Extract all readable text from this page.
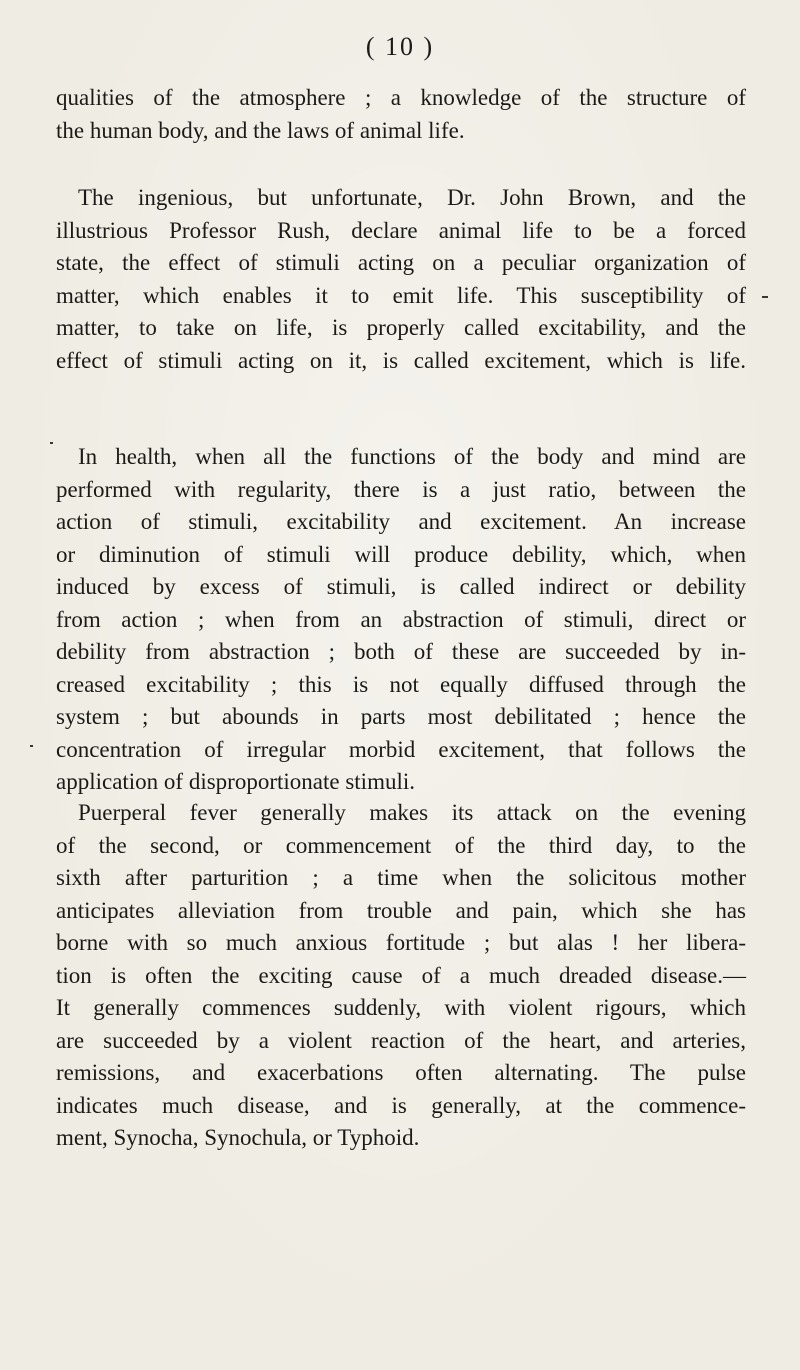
( 10 )
qualities of the atmosphere ; a knowledge of the structure of
the human body, and the laws of animal life.
The ingenious, but unfortunate, Dr. John Brown, and the
illustrious Professor Rush, declare animal life to be a forced
state, the effect of stimuli acting on a peculiar organization of
matter, which enables it to emit life. This susceptibility of
matter, to take on life, is properly called excitability, and the
effect of stimuli acting on it, is called excitement, which is life.
In health, when all the functions of the body and mind are
performed with regularity, there is a just ratio, between the
action of stimuli, excitability and excitement. An increase
or diminution of stimuli will produce debility, which, when
induced by excess of stimuli, is called indirect or debility
from action ; when from an abstraction of stimuli, direct or
debility from abstraction ; both of these are succeeded by in-
creased excitability ; this is not equally diffused through the
system ; but abounds in parts most debilitated ; hence the
concentration of irregular morbid excitement, that follows the
application of disproportionate stimuli.
Puerperal fever generally makes its attack on the evening
of the second, or commencement of the third day, to the
sixth after parturition ; a time when the solicitous mother
anticipates alleviation from trouble and pain, which she has
borne with so much anxious fortitude ; but alas ! her libera-
tion is often the exciting cause of a much dreaded disease.—
It generally commences suddenly, with violent rigours, which
are succeeded by a violent reaction of the heart, and arteries,
remissions, and exacerbations often alternating. The pulse
indicates much disease, and is generally, at the commence-
ment, Synocha, Synochula, or Typhoid.
